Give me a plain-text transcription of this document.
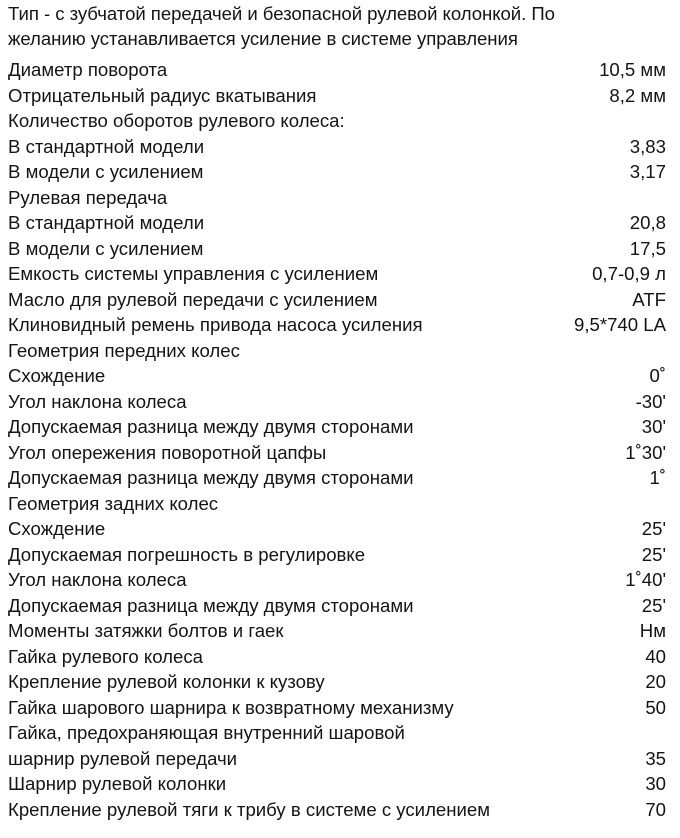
Тип - с зубчатой передачей и безопасной рулевой колонкой. По
желанию устанавливается усиление в системе управления
Диаметр поворота	10,5 мм
Отрицательный радиус вкатывания	8,2 мм
Количество оборотов рулевого колеса:
В стандартной модели	3,83
В модели с усилением	3,17
Рулевая передача
В стандартной модели	20,8
В модели с усилением	17,5
Емкость системы управления с усилением	0,7-0,9 л
Масло для рулевой передачи с усилением	ATF
Клиновидный ремень привода насоса усиления	9,5*740 LA
Геометрия передних колес
Схождение	0˚
Угол наклона колеса	-30'
Допускаемая разница между двумя сторонами	30'
Угол опережения поворотной цапфы	1˚30'
Допускаемая разница между двумя сторонами	1˚
Геометрия задних колес
Схождение	25'
Допускаемая погрешность в регулировке	25'
Угол наклона колеса	1˚40'
Допускаемая разница между двумя сторонами	25'
Моменты затяжки болтов и гаек	Нм
Гайка рулевого колеса	40
Крепление рулевой колонки к кузову	20
Гайка шарового шарнира к возвратному механизму	50
Гайка, предохраняющая внутренний шаровой
шарнир рулевой передачи	35
Шарнир рулевой колонки	30
Крепление рулевой тяги к трибу в системе с усилением	70
